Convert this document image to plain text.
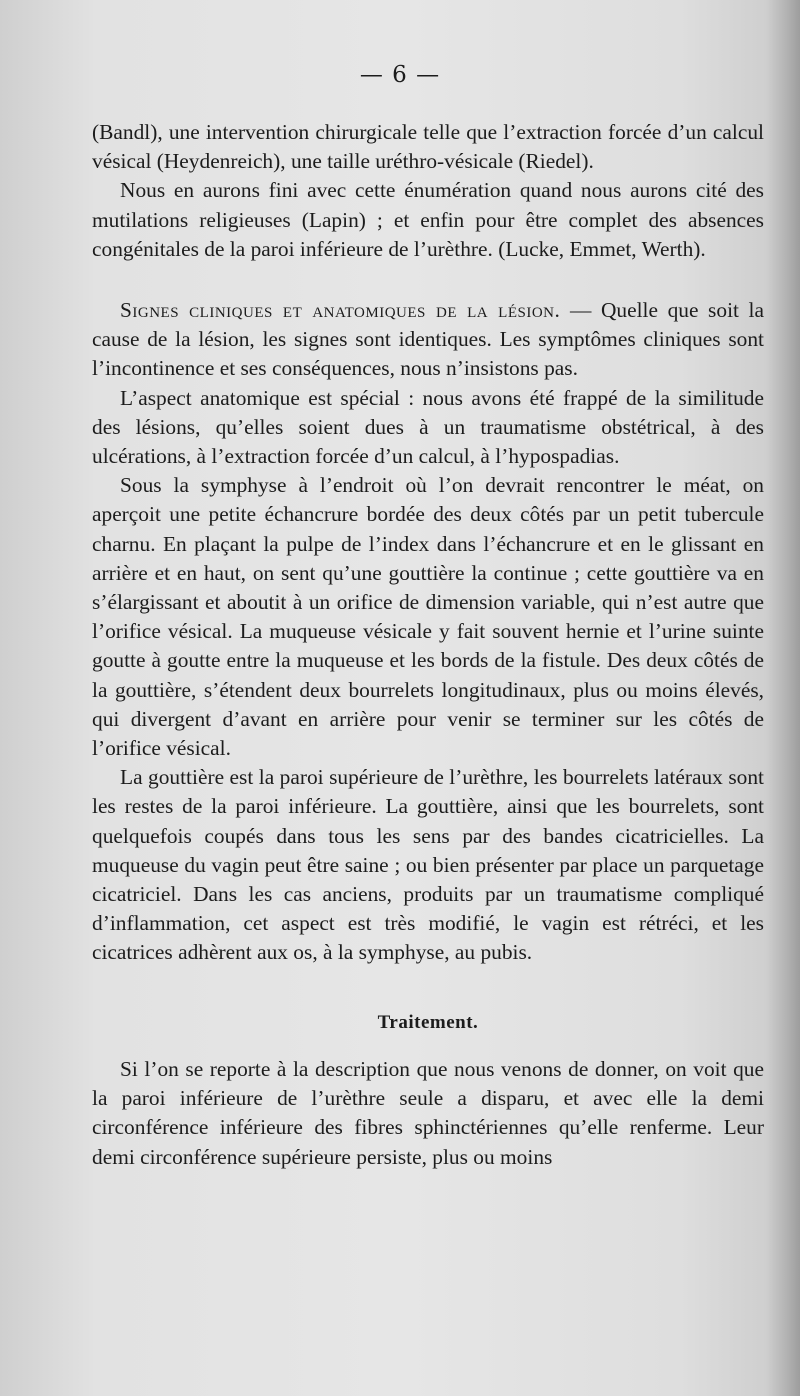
— 6 —

(Bandl), une intervention chirurgicale telle que l’extraction forcée d’un calcul vésical (Heydenreich), une taille uréthro-vésicale (Riedel).

Nous en aurons fini avec cette énumération quand nous aurons cité des mutilations religieuses (Lapin) ; et enfin pour être complet des absences congénitales de la paroi inférieure de l’urèthre. (Lucke, Emmet, Werth).

Signes cliniques et anatomiques de la lésion. — Quelle que soit la cause de la lésion, les signes sont identiques. Les symptômes cliniques sont l’incontinence et ses conséquences, nous n’insistons pas.

L’aspect anatomique est spécial : nous avons été frappé de la similitude des lésions, qu’elles soient dues à un traumatisme obstétrical, à des ulcérations, à l’extraction forcée d’un calcul, à l’hypospadias.

Sous la symphyse à l’endroit où l’on devrait rencontrer le méat, on aperçoit une petite échancrure bordée des deux côtés par un petit tubercule charnu. En plaçant la pulpe de l’index dans l’échancrure et en le glissant en arrière et en haut, on sent qu’une gouttière la continue ; cette gouttière va en s’élargissant et aboutit à un orifice de dimension variable, qui n’est autre que l’orifice vésical. La muqueuse vésicale y fait souvent hernie et l’urine suinte goutte à goutte entre la muqueuse et les bords de la fistule. Des deux côtés de la gouttière, s’étendent deux bourrelets longitudinaux, plus ou moins élevés, qui divergent d’avant en arrière pour venir se terminer sur les côtés de l’orifice vésical.

La gouttière est la paroi supérieure de l’urèthre, les bourrelets latéraux sont les restes de la paroi inférieure. La gouttière, ainsi que les bourrelets, sont quelquefois coupés dans tous les sens par des bandes cicatricielles. La muqueuse du vagin peut être saine ; ou bien présenter par place un parquetage cicatriciel. Dans les cas anciens, produits par un traumatisme compliqué d’inflammation, cet aspect est très modifié, le vagin est rétréci, et les cicatrices adhèrent aux os, à la symphyse, au pubis.

Traitement.

Si l’on se reporte à la description que nous venons de donner, on voit que la paroi inférieure de l’urèthre seule a disparu, et avec elle la demi circonférence inférieure des fibres sphinctériennes qu’elle renferme. Leur demi circonférence supérieure persiste, plus ou moins
